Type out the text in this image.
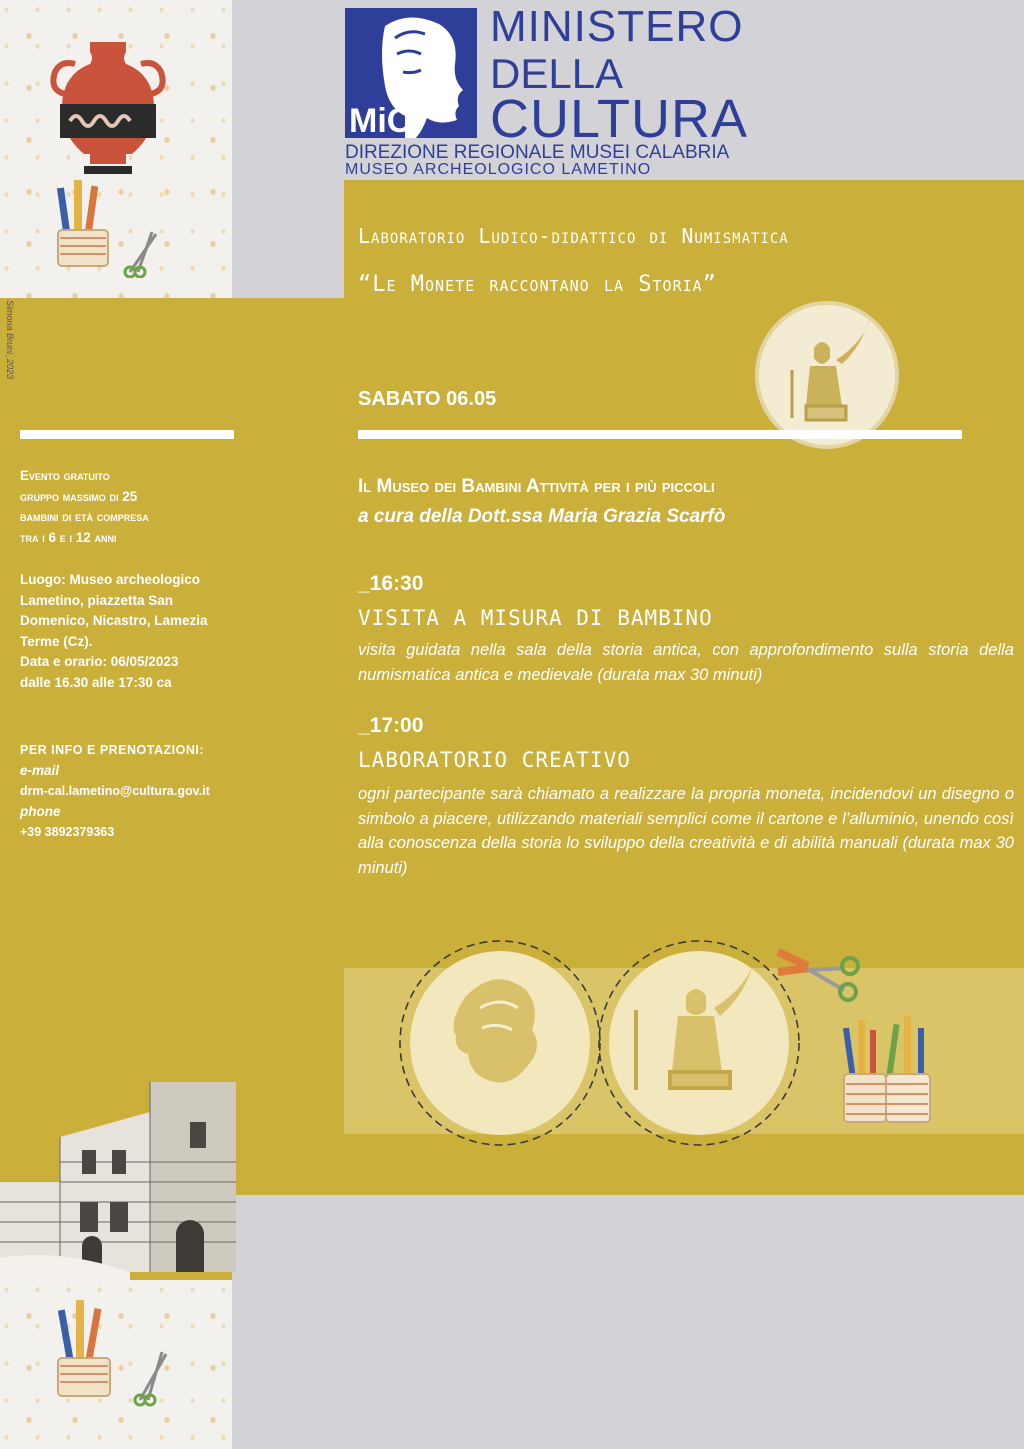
MiC
MINISTERO
DELLA
CULTURA
DIREZIONE REGIONALE MUSEI CALABRIA
MUSEO ARCHEOLOGICO LAMETINO
Simona Bruni_2023
Laboratorio Ludico-didattico di Numismatica
“Le Monete raccontano la Storia”
SABATO 06.05
Il Museo dei Bambini Attività per i più piccoli
a cura della Dott.ssa Maria Grazia Scarfò
_16:30
VISITA A MISURA DI BAMBINO
visita guidata nella sala della storia antica, con approfondimento sulla storia della numismatica antica e medievale (durata max 30 minuti)
_17:00
LABORATORIO CREATIVO
ogni partecipante sarà chiamato a realizzare la propria moneta, incidendovi un disegno o simbolo a piacere, utilizzando materiali semplici come il cartone e l’alluminio, unendo così alla conoscenza della storia lo sviluppo della creatività e di abilità manuali (durata max 30 minuti)
Evento gratuito
gruppo massimo di 25
bambini di età compresa
tra i 6 e i 12 anni
Luogo: Museo archeologico
Lametino, piazzetta San
Domenico, Nicastro, Lamezia
Terme (Cz).
Data e orario: 06/05/2023
dalle 16.30 alle 17:30 ca
PER INFO E PRENOTAZIONI:
e-mail
drm-cal.lametino@cultura.gov.it
phone
+39 3892379363
